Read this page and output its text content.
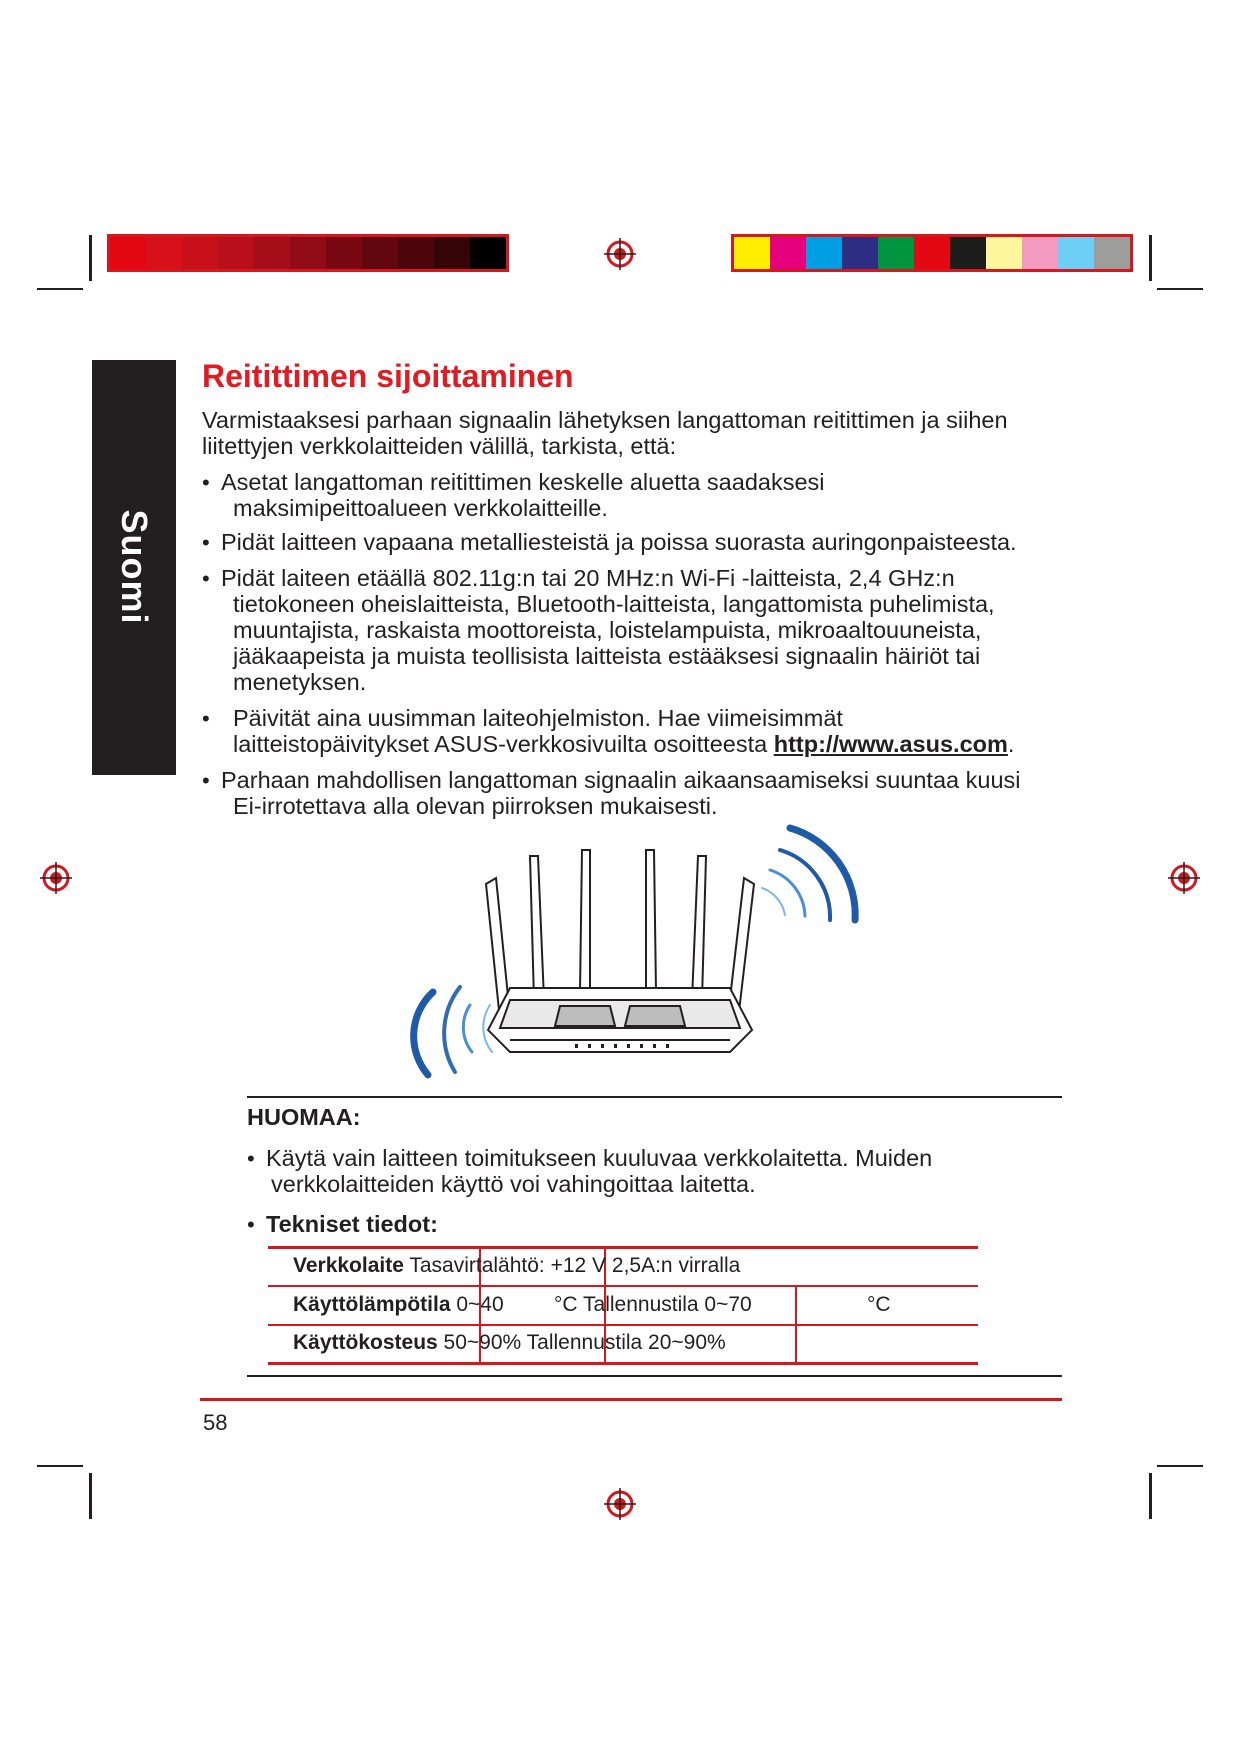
Suomi
Reitittimen sijoittaminen
Varmistaaksesi parhaan signaalin lähetyksen langattoman reitittimen ja siihen
liitettyjen verkkolaitteiden välillä, tarkista, että:
• Asetat langattoman reitittimen keskelle aluetta saadaksesi
maksimipeittoalueen verkkolaitteille.
• Pidät laitteen vapaana metalliesteistä ja poissa suorasta auringonpaisteesta.
• Pidät laiteen etäällä 802.11g:n tai 20 MHz:n Wi-Fi -laitteista, 2,4 GHz:n
tietokoneen oheislaitteista, Bluetooth-laitteista, langattomista puhelimista,
muuntajista, raskaista moottoreista, loistelampuista, mikroaaltouuneista,
jääkaapeista ja muista teollisista laitteista estääksesi signaalin häiriöt tai
menetyksen.
• Päivität aina uusimman laiteohjelmiston. Hae viimeisimmät
laitteistopäivitykset ASUS-verkkosivuilta osoitteesta http://www.asus.com.
• Parhaan mahdollisen langattoman signaalin aikaansaamiseksi suuntaa kuusi
Ei-irrotettava alla olevan piirroksen mukaisesti.
HUOMAA:
• Käytä vain laitteen toimitukseen kuuluvaa verkkolaitetta. Muiden
verkkolaitteiden käyttö voi vahingoittaa laitetta.
• Tekniset tiedot:
Verkkolaite Tasavirtalähtö: +12 V 2,5A:n virralla
Käyttölämpötila 0~40 °C Tallennustila 0~70	°C
Käyttökosteus 50~90% Tallennustila 20~90%
58
